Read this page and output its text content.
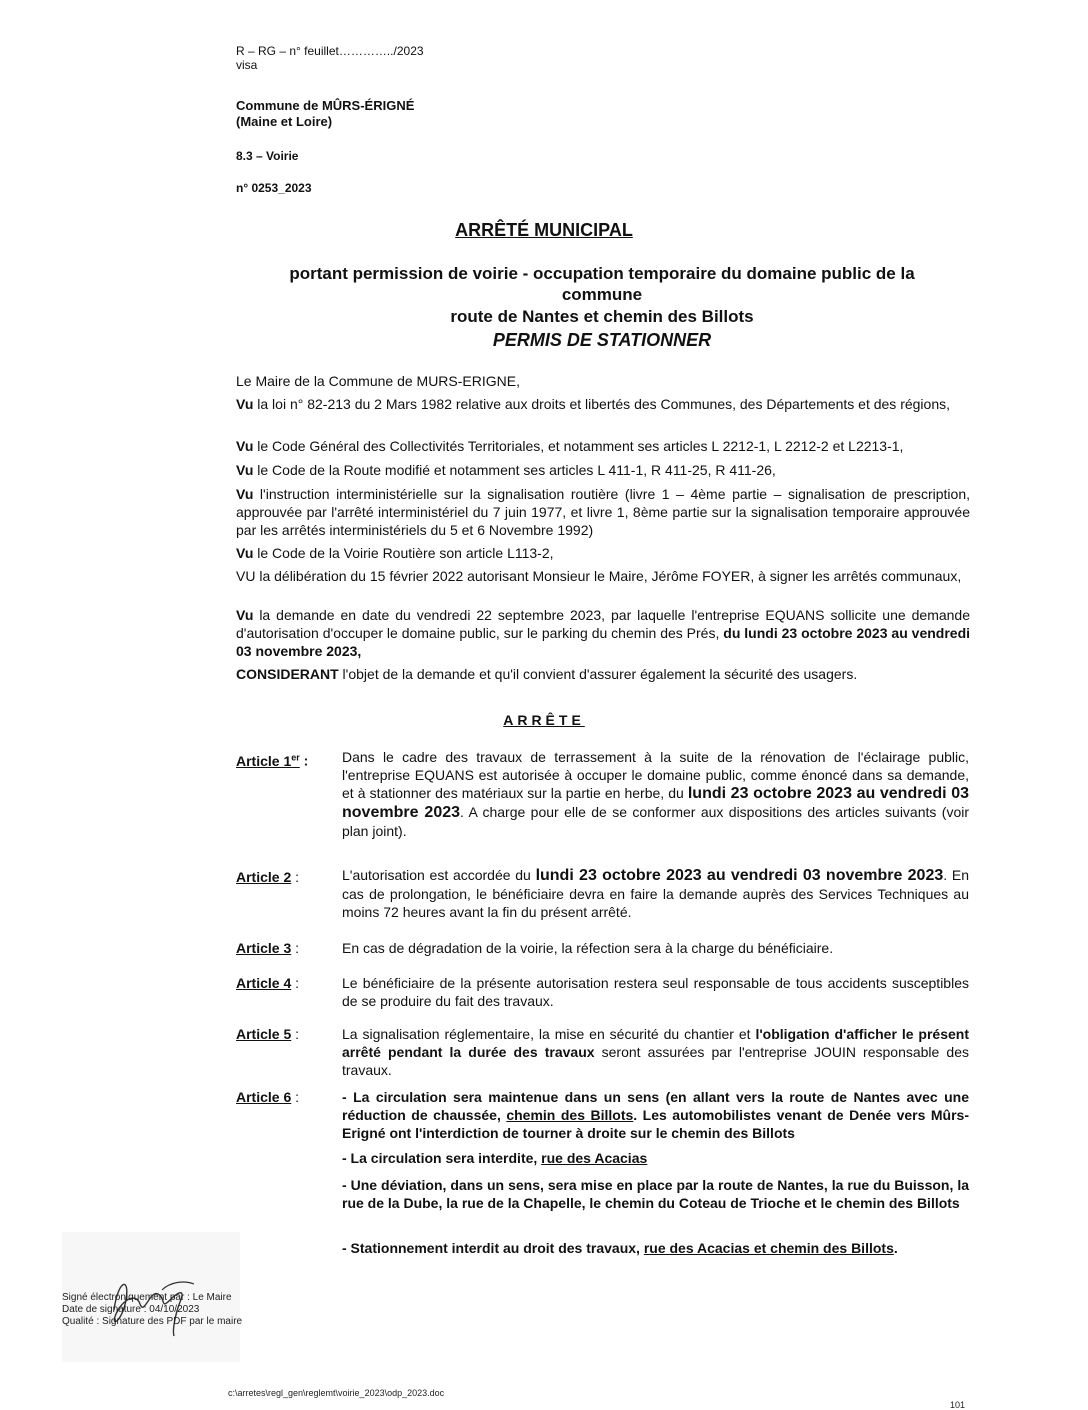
R – RG – n° feuillet…………../2023
visa
Commune de MÛRS-ÉRIGNÉ
(Maine et Loire)
8.3 – Voirie
n° 0253_2023
ARRÊTÉ MUNICIPAL
portant permission de voirie - occupation temporaire du domaine public de la
commune
route de Nantes et chemin des Billots
PERMIS DE STATIONNER
Le Maire de la Commune de MURS-ERIGNE,
Vu la loi n° 82-213 du 2 Mars 1982 relative aux droits et libertés des Communes, des Départements et des régions,
Vu le Code Général des Collectivités Territoriales, et notamment ses articles L 2212-1, L 2212-2 et L2213-1,
Vu le Code de la Route modifié et notamment ses articles L 411-1, R 411-25, R 411-26,
Vu l'instruction interministérielle sur la signalisation routière (livre 1 – 4ème partie – signalisation de prescription, approuvée par l'arrêté interministériel du 7 juin 1977, et livre 1, 8ème partie sur la signalisation temporaire approuvée par les arrêtés interministériels du 5 et 6 Novembre 1992)
Vu le Code de la Voirie Routière son article L113-2,
VU la délibération du 15 février 2022 autorisant Monsieur le Maire, Jérôme FOYER, à signer les arrêtés communaux,
Vu la demande en date du vendredi 22 septembre 2023, par laquelle l'entreprise EQUANS sollicite une demande d'autorisation d'occuper le domaine public, sur le parking du chemin des Prés, du lundi 23 octobre 2023 au vendredi 03 novembre 2023,
CONSIDERANT l'objet de la demande et qu'il convient d'assurer également la sécurité des usagers.
ARRÊTE
Article 1er :	Dans le cadre des travaux de terrassement à la suite de la rénovation de l'éclairage public, l'entreprise EQUANS est autorisée à occuper le domaine public, comme énoncé dans sa demande, et à stationner des matériaux sur la partie en herbe, du lundi 23 octobre 2023 au vendredi 03 novembre 2023. A charge pour elle de se conformer aux dispositions des articles suivants (voir plan joint).
Article 2 :	L'autorisation est accordée du lundi 23 octobre 2023 au vendredi 03 novembre 2023. En cas de prolongation, le bénéficiaire devra en faire la demande auprès des Services Techniques au moins 72 heures avant la fin du présent arrêté.
Article 3 :	En cas de dégradation de la voirie, la réfection sera à la charge du bénéficiaire.
Article 4 :	Le bénéficiaire de la présente autorisation restera seul responsable de tous accidents susceptibles de se produire du fait des travaux.
Article 5 :	La signalisation réglementaire, la mise en sécurité du chantier et l'obligation d'afficher le présent arrêté pendant la durée des travaux seront assurées par l'entreprise JOUIN responsable des travaux.
Article 6 :	- La circulation sera maintenue dans un sens (en allant vers la route de Nantes avec une réduction de chaussée, chemin des Billots. Les automobilistes venant de Denée vers Mûrs-Erigné ont l'interdiction de tourner à droite sur le chemin des Billots
- La circulation sera interdite, rue des Acacias
- Une déviation, dans un sens, sera mise en place par la route de Nantes, la rue du Buisson, la rue de la Dube, la rue de la Chapelle, le chemin du Coteau de Trioche et le chemin des Billots
- Stationnement interdit au droit des travaux, rue des Acacias et chemin des Billots.
Signé électroniquement par : Le Maire
Date de signature : 04/10/2023
Qualité : Signature des PDF par le maire
c:\arretes\regl_gen\reglemt\voirie_2023\odp_2023.doc
101
